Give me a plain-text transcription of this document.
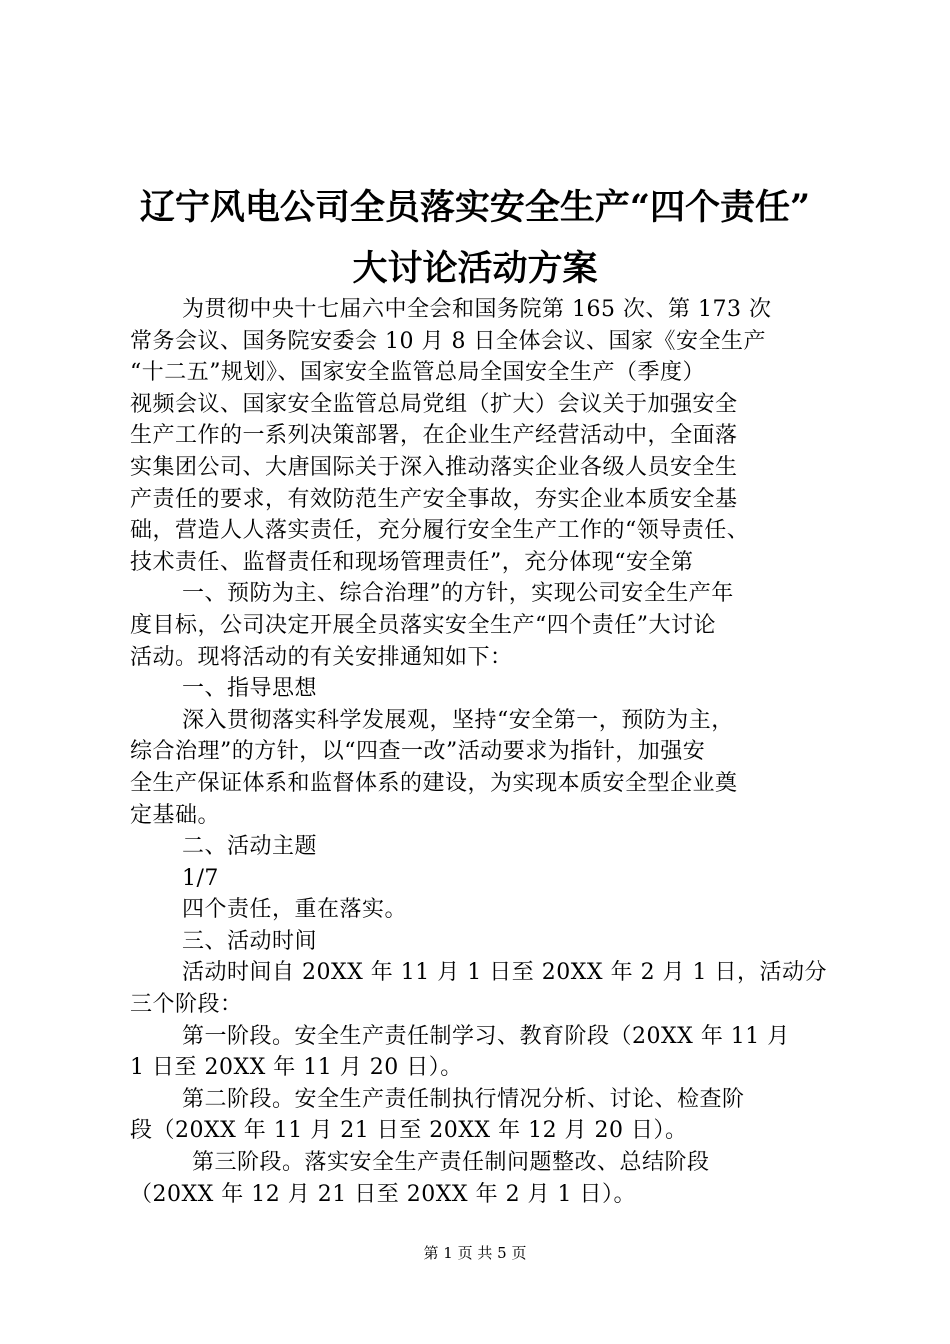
辽宁风电公司全员落实安全生产“四个责任”
大讨论活动方案
为贯彻中央十七届六中全会和国务院第 165 次、第 173 次
常务会议、国务院安委会 10 月 8 日全体会议、国家《安全生产
“十二五”规划》、国家安全监管总局全国安全生产（季度）
视频会议、国家安全监管总局党组（扩大）会议关于加强安全
生产工作的一系列决策部署，在企业生产经营活动中，全面落
实集团公司、大唐国际关于深入推动落实企业各级人员安全生
产责任的要求，有效防范生产安全事故，夯实企业本质安全基
础，营造人人落实责任，充分履行安全生产工作的“领导责任、
技术责任、监督责任和现场管理责任”，充分体现“安全第
一、预防为主、综合治理”的方针，实现公司安全生产年
度目标，公司决定开展全员落实安全生产“四个责任”大讨论
活动。现将活动的有关安排通知如下：
一、指导思想
深入贯彻落实科学发展观，坚持“安全第一，预防为主，
综合治理”的方针，以“四查一改”活动要求为指针，加强安
全生产保证体系和监督体系的建设，为实现本质安全型企业奠
定基础。
二、活动主题
1/7
四个责任，重在落实。
三、活动时间
活动时间自 20XX 年 11 月 1 日至 20XX 年 2 月 1 日，活动分
三个阶段：
第一阶段。安全生产责任制学习、教育阶段（20XX 年 11 月
1 日至 20XX 年 11 月 20 日）。
第二阶段。安全生产责任制执行情况分析、讨论、检查阶
段（20XX 年 11 月 21 日至 20XX 年 12 月 20 日）。
第三阶段。落实安全生产责任制问题整改、总结阶段
（20XX 年 12 月 21 日至 20XX 年 2 月 1 日）。
第 1 页 共 5 页
